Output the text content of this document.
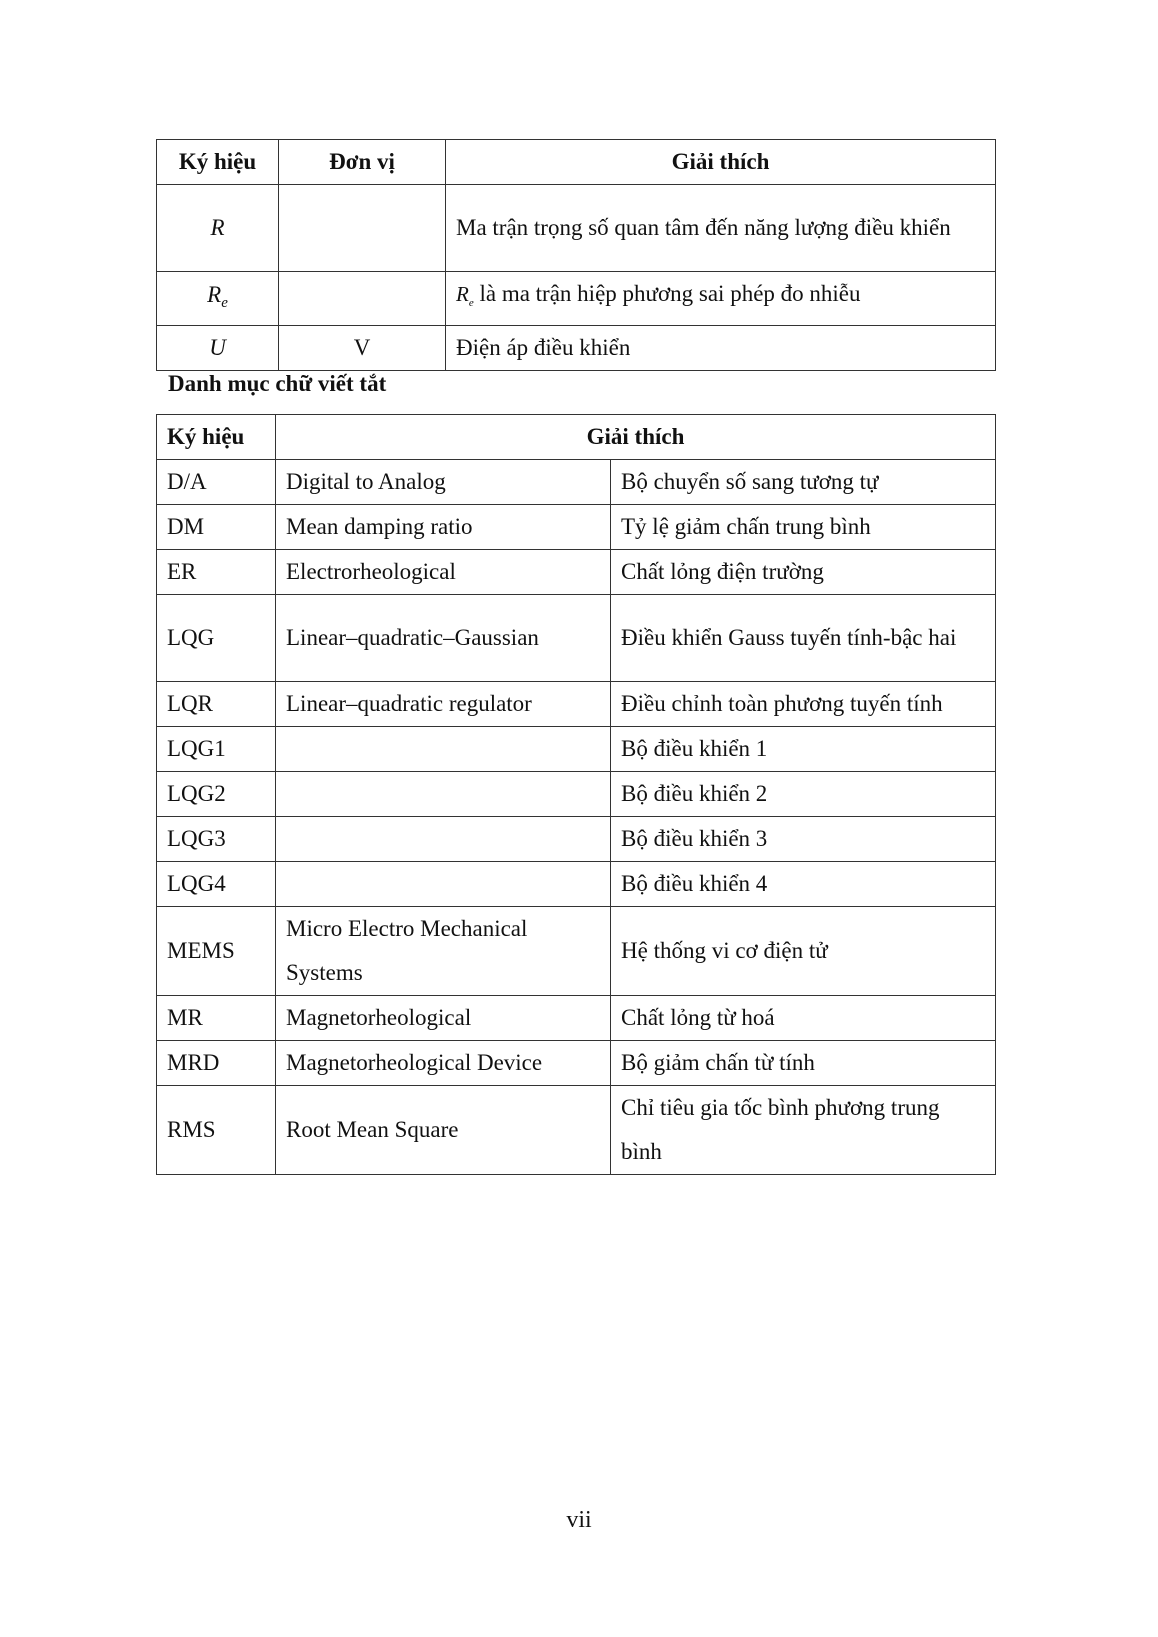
Ký hiệu	Đơn vị	Giải thích
R		Ma trận trọng số quan tâm đến năng lượng điều khiển
$R_e$		$R_e$ là ma trận hiệp phương sai phép đo nhiễu
U	V	Điện áp điều khiển
Danh mục chữ viết tắt
Ký hiệu	Giải thích	
D/A	Digital to Analog	Bộ chuyển số sang tương tự
DM	Mean damping ratio	Tỷ lệ giảm chấn trung bình
ER	Electrorheological	Chất lỏng điện trường
LQG	Linear–quadratic–Gaussian	Điều khiển Gauss tuyến tính-bậc hai
LQR	Linear–quadratic regulator	Điều chỉnh toàn phương tuyến tính
LQG1		Bộ điều khiển 1
LQG2		Bộ điều khiển 2
LQG3		Bộ điều khiển 3
LQG4		Bộ điều khiển 4
MEMS	Micro Electro Mechanical Systems	Hệ thống vi cơ điện tử
MR	Magnetorheological	Chất lỏng từ hoá
MRD	Magnetorheological Device	Bộ giảm chấn từ tính
RMS	Root Mean Square	Chỉ tiêu gia tốc bình phương trung bình
vii
